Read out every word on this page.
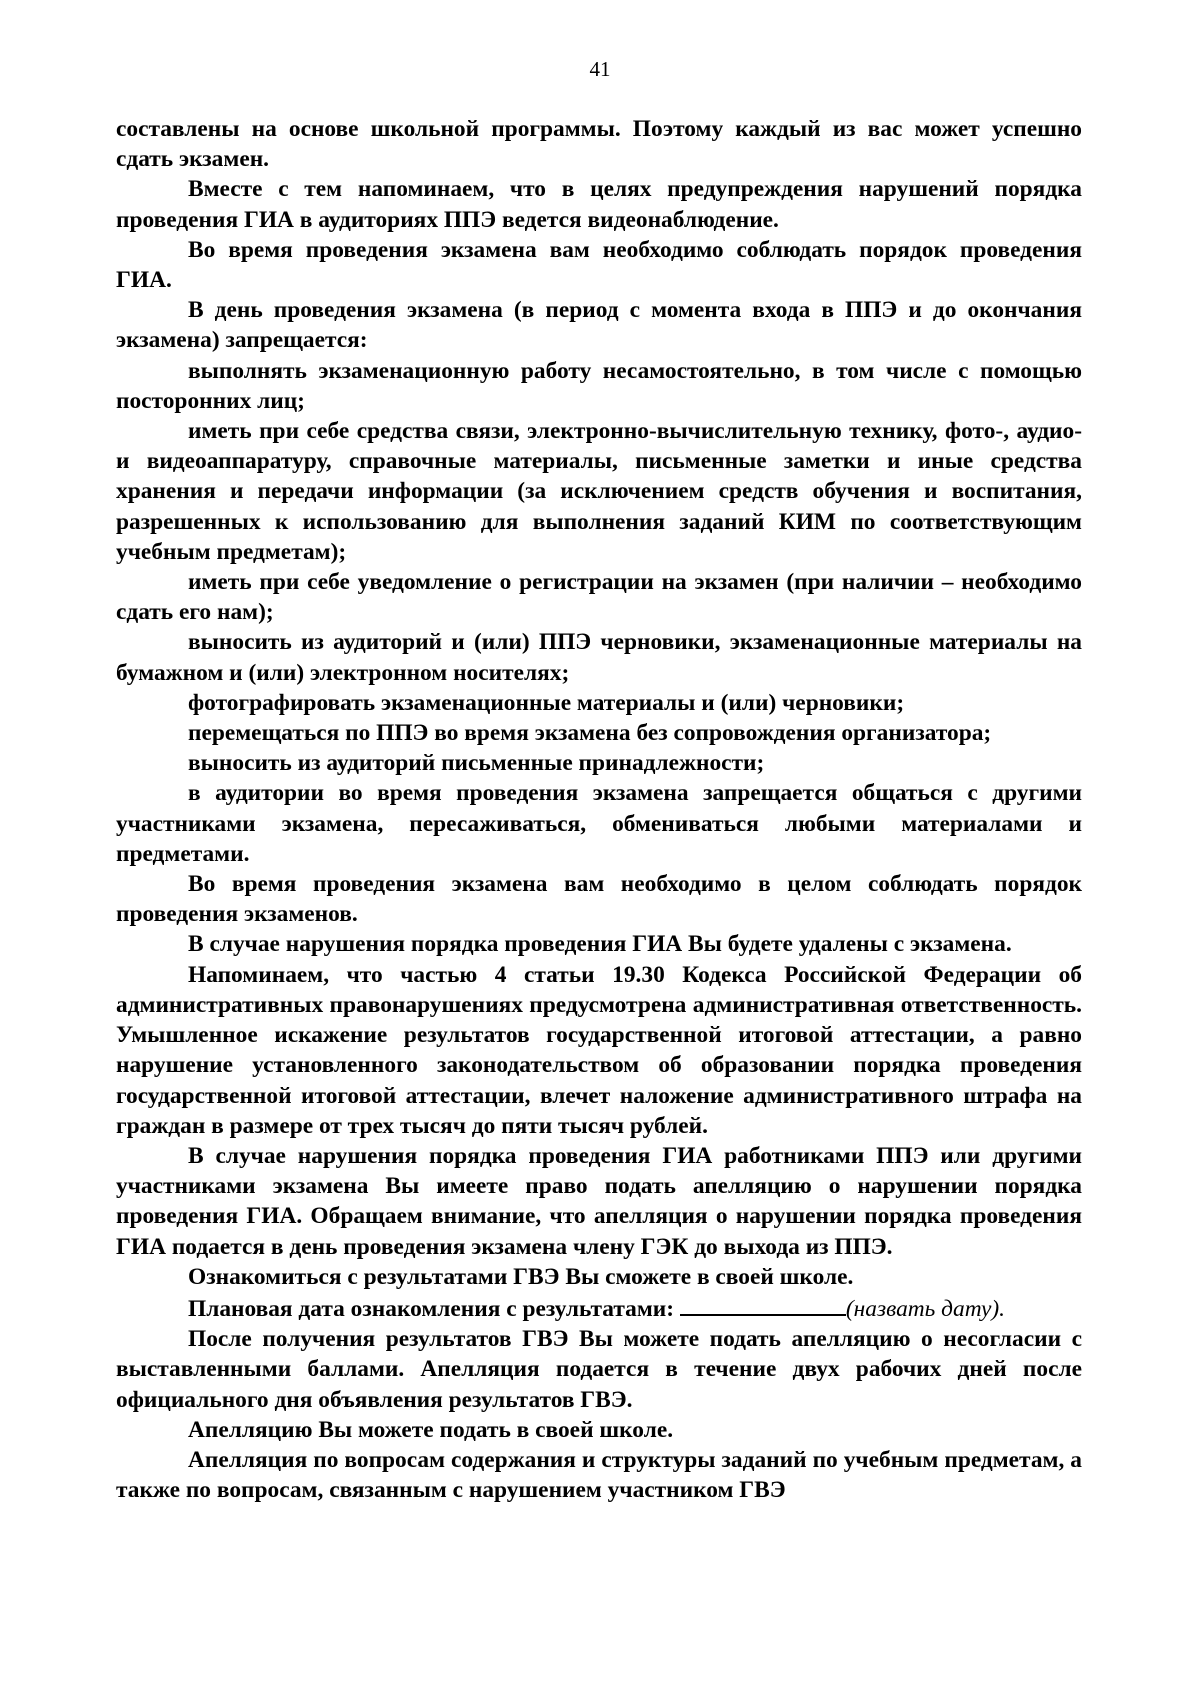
41

составлены на основе школьной программы. Поэтому каждый из вас может успешно сдать экзамен.

Вместе с тем напоминаем, что в целях предупреждения нарушений порядка проведения ГИА в аудиториях ППЭ ведется видеонаблюдение.

Во время проведения экзамена вам необходимо соблюдать порядок проведения ГИА.

В день проведения экзамена (в период с момента входа в ППЭ и до окончания экзамена) запрещается:

выполнять экзаменационную работу несамостоятельно, в том числе с помощью посторонних лиц;

иметь при себе средства связи, электронно-вычислительную технику, фото-, аудио- и видеоаппаратуру, справочные материалы, письменные заметки и иные средства хранения и передачи информации (за исключением средств обучения и воспитания, разрешенных к использованию для выполнения заданий КИМ по соответствующим учебным предметам);

иметь при себе уведомление о регистрации на экзамен (при наличии – необходимо сдать его нам);

выносить из аудиторий и (или) ППЭ черновики, экзаменационные материалы на бумажном и (или) электронном носителях;

фотографировать экзаменационные материалы и (или) черновики;

перемещаться по ППЭ во время экзамена без сопровождения организатора;

выносить из аудиторий письменные принадлежности;

в аудитории во время проведения экзамена запрещается общаться с другими участниками экзамена, пересаживаться, обмениваться любыми материалами и предметами.

Во время проведения экзамена вам необходимо в целом соблюдать порядок проведения экзаменов.

В случае нарушения порядка проведения ГИА Вы будете удалены с экзамена.

Напоминаем, что частью 4 статьи 19.30 Кодекса Российской Федерации об административных правонарушениях предусмотрена административная ответственность. Умышленное искажение результатов государственной итоговой аттестации, а равно нарушение установленного законодательством об образовании порядка проведения государственной итоговой аттестации, влечет наложение административного штрафа на граждан в размере от трех тысяч до пяти тысяч рублей.

В случае нарушения порядка проведения ГИА работниками ППЭ или другими участниками экзамена Вы имеете право подать апелляцию о нарушении порядка проведения ГИА. Обращаем внимание, что апелляция о нарушении порядка проведения ГИА подается в день проведения экзамена члену ГЭК до выхода из ППЭ.

Ознакомиться с результатами ГВЭ Вы сможете в своей школе.

Плановая дата ознакомления с результатами:	(назвать дату).

После получения результатов ГВЭ Вы можете подать апелляцию о несогласии с выставленными баллами. Апелляция подается в течение двух рабочих дней после официального дня объявления результатов ГВЭ.

Апелляцию Вы можете подать в своей школе.

Апелляция по вопросам содержания и структуры заданий по учебным предметам, а также по вопросам, связанным с нарушением участником ГВЭ
